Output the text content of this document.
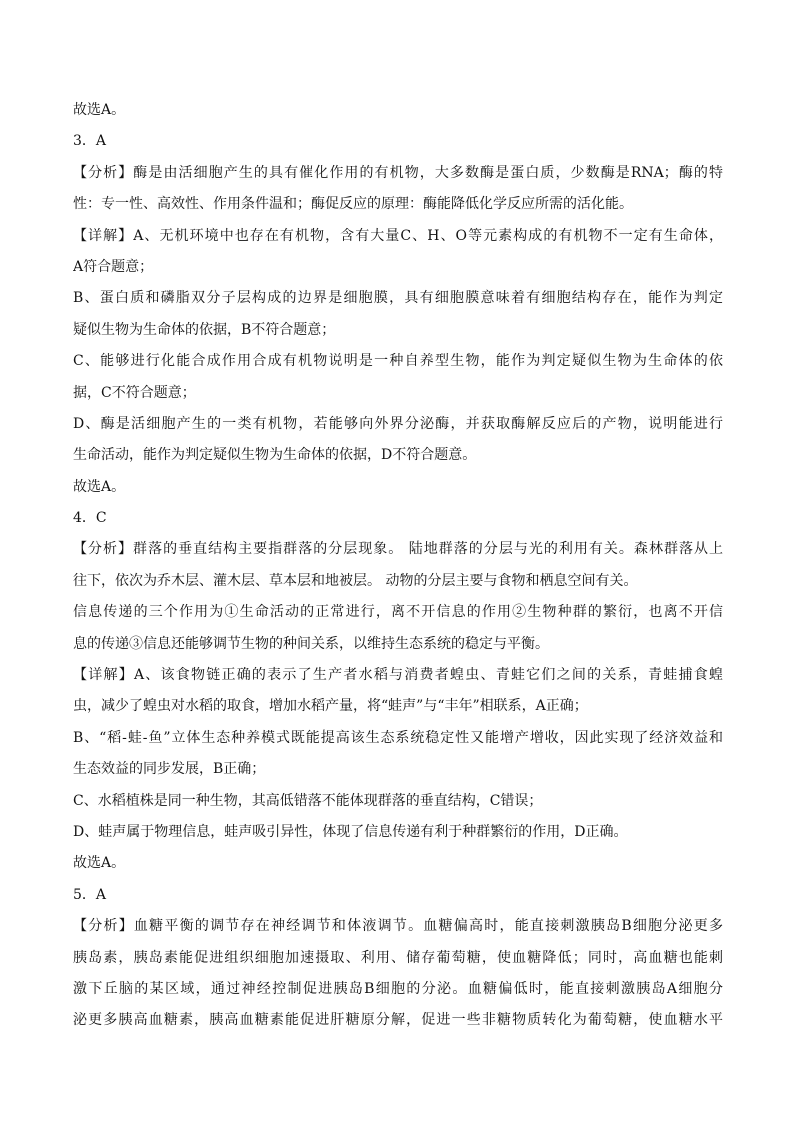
故选A。
3．A
【分析】酶是由活细胞产生的具有催化作用的有机物，大多数酶是蛋白质，少数酶是RNA；酶的特
性：专一性、高效性、作用条件温和；酶促反应的原理：酶能降低化学反应所需的活化能。
【详解】A、无机环境中也存在有机物，含有大量C、H、O等元素构成的有机物不一定有生命体，
A符合题意；
B、蛋白质和磷脂双分子层构成的边界是细胞膜，具有细胞膜意味着有细胞结构存在，能作为判定
疑似生物为生命体的依据，B不符合题意；
C、能够进行化能合成作用合成有机物说明是一种自养型生物，能作为判定疑似生物为生命体的依
据，C不符合题意；
D、酶是活细胞产生的一类有机物，若能够向外界分泌酶，并获取酶解反应后的产物，说明能进行
生命活动，能作为判定疑似生物为生命体的依据，D不符合题意。
故选A。
4．C
【分析】群落的垂直结构主要指群落的分层现象。 陆地群落的分层与光的利用有关。森林群落从上
往下，依次为乔木层、灌木层、草本层和地被层。 动物的分层主要与食物和栖息空间有关。
信息传递的三个作用为①生命活动的正常进行，离不开信息的作用②生物种群的繁衍，也离不开信
息的传递③信息还能够调节生物的种间关系，以维持生态系统的稳定与平衡。
【详解】A、该食物链正确的表示了生产者水稻与消费者蝗虫、青蛙它们之间的关系，青蛙捕食蝗
虫，减少了蝗虫对水稻的取食，增加水稻产量，将“蛙声”与“丰年”相联系，A正确；
B、“稻-蛙-鱼”立体生态种养模式既能提高该生态系统稳定性又能增产增收，因此实现了经济效益和
生态效益的同步发展，B正确；
C、水稻植株是同一种生物，其高低错落不能体现群落的垂直结构，C错误；
D、蛙声属于物理信息，蛙声吸引异性，体现了信息传递有利于种群繁衍的作用，D正确。
故选A。
5．A
【分析】血糖平衡的调节存在神经调节和体液调节。血糖偏高时，能直接刺激胰岛B细胞分泌更多
胰岛素，胰岛素能促进组织细胞加速摄取、利用、储存葡萄糖，使血糖降低；同时，高血糖也能刺
激下丘脑的某区域，通过神经控制促进胰岛B细胞的分泌。血糖偏低时，能直接刺激胰岛A细胞分
泌更多胰高血糖素，胰高血糖素能促进肝糖原分解，促进一些非糖物质转化为葡萄糖，使血糖水平
